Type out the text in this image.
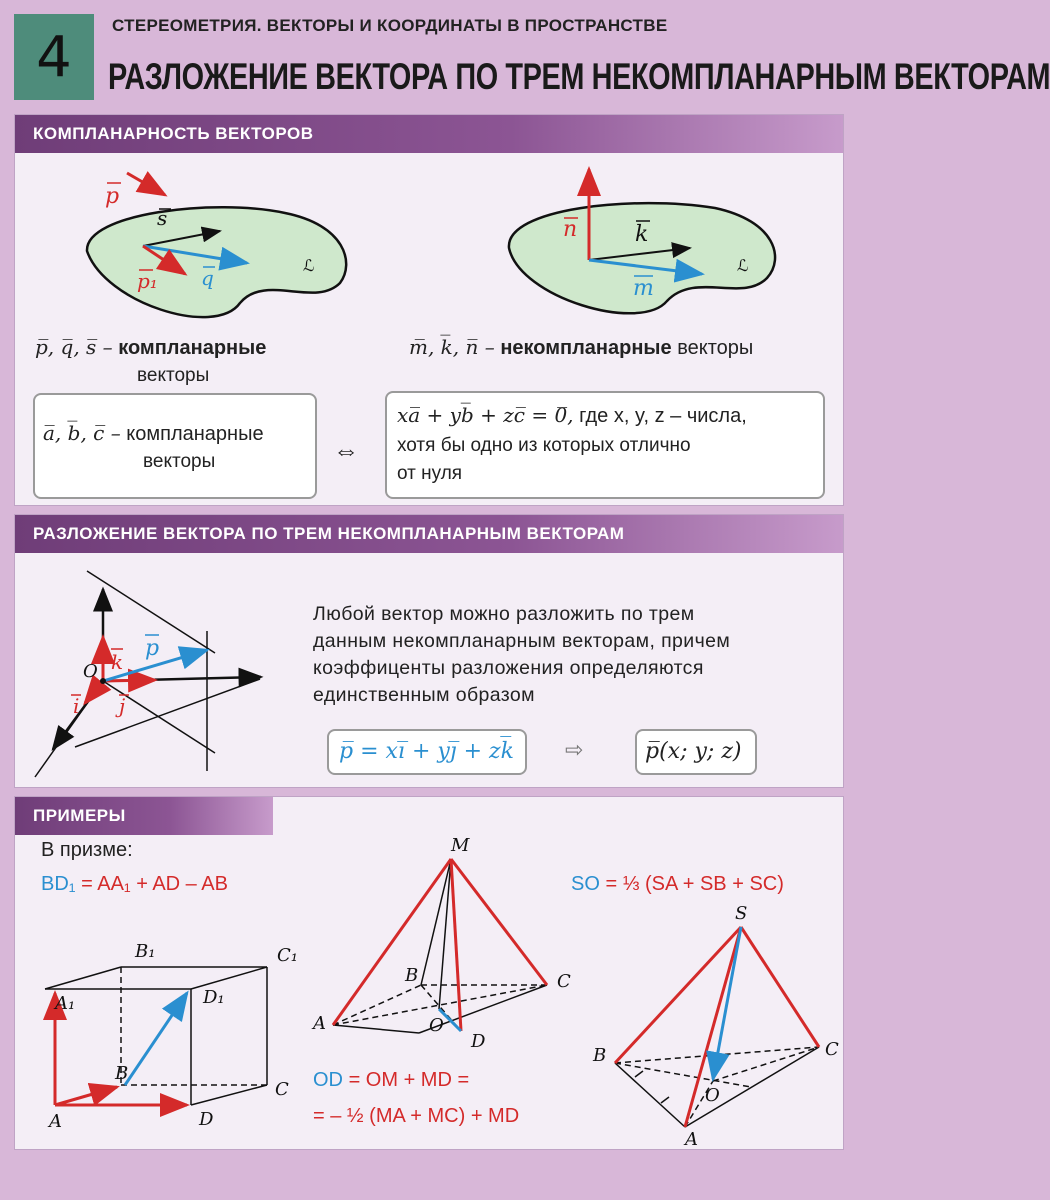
4	СТЕРЕОМЕТРИЯ. ВЕКТОРЫ И КООРДИНАТЫ В ПРОСТРАНСТВЕ
РАЗЛОЖЕНИЕ ВЕКТОРА ПО ТРЕМ НЕКОМПЛАНАРНЫМ ВЕКТОРАМ
КОМПЛАНАРНОСТЬ ВЕКТОРОВ
p
s
p₁ q
ℒ
n	k
m
ℒ
p̅, q̅, s̅ – компланарные
векторы
m̅, k̅, n̅ – некомпланарные векторы
a̅, b̅, c̅ – компланарные
векторы	⇔
xa̅ + yb̅ + zc̅ = 0̅, где x, y, z – числа,
хотя бы одно из которых отлично
от нуля
РАЗЛОЖЕНИЕ ВЕКТОРА ПО ТРЕМ НЕКОМПЛАНАРНЫМ ВЕКТОРАМ
O k
p
i j
Любой вектор можно разложить по трем
данным некомпланарным векторам, причем
коэффиценты разложения определяются
единственным образом
p̅ = xi̅ + yj̅ + zk̅ ⇨	p̅(x; y; z)
ПРИМЕРЫ
В призме:
BD₁ = AA₁ + AD – AB	SO = ⅓ (SA + SB + SC)
OD = OM + MD =
= – ½ (MA + MC) + MD
A
B
C
D
A₁
B₁	C₁
D₁
M
A
B	C
D
O
S
B	C
A
O
